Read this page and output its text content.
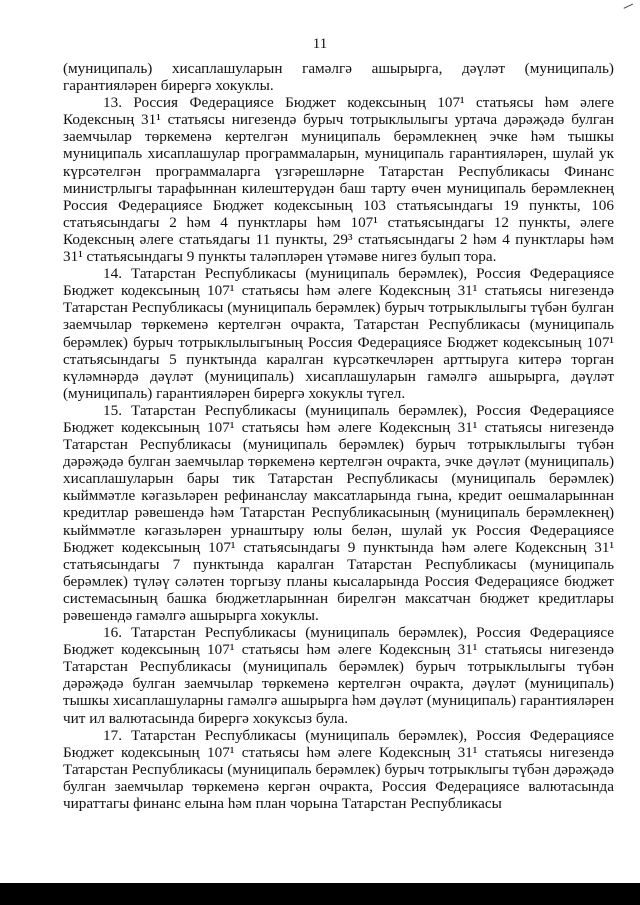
11

(муниципаль) хисаплашуларын гамәлгә ашырырга, дәүләт (муниципаль) гарантияләрен бирергә хокуклы.

13. Россия Федерациясе Бюджет кодексының 107¹ статьясы һәм әлеге Кодексның 31¹ статьясы нигезендә бурыч тотрыклылыгы уртача дәрәҗәдә булган заемчылар төркеменә кертелгән муниципаль берәмлекнең эчке һәм тышкы муниципаль хисаплашулар программаларын, муниципаль гарантияләрен, шулай ук күрсәтелгән программаларга үзгәрешләрне Татарстан Республикасы Финанс министрлыгы тарафыннан килештерүдән баш тарту өчен муниципаль берәмлекнең Россия Федерациясе Бюджет кодексының 103 статьясындагы 19 пункты, 106 статьясындагы 2 һәм 4 пунктлары һәм 107¹ статьясындагы 12 пункты, әлеге Кодексның әлеге статьядагы 11 пункты, 29³ статьясындагы 2 һәм 4 пунктлары һәм 31¹ статьясындагы 9 пункты таләпләрен үтәмәве нигез булып тора.

14. Татарстан Республикасы (муниципаль берәмлек), Россия Федерациясе Бюджет кодексының 107¹ статьясы һәм әлеге Кодексның 31¹ статьясы нигезендә Татарстан Республикасы (муниципаль берәмлек) бурыч тотрыклылыгы түбән булган заемчылар төркеменә кертелгән очракта, Татарстан Республикасы (муниципаль берәмлек) бурыч тотрыклылыгының Россия Федерациясе Бюджет кодексының 107¹ статьясындагы 5 пунктында каралган күрсәткечләрен арттыруга китерә торган күләмнәрдә дәүләт (муниципаль) хисаплашуларын гамәлгә ашырырга, дәүләт (муниципаль) гарантияләрен бирергә хокуклы түгел.

15. Татарстан Республикасы (муниципаль берәмлек), Россия Федерациясе Бюджет кодексының 107¹ статьясы һәм әлеге Кодексның 31¹ статьясы нигезендә Татарстан Республикасы (муниципаль берәмлек) бурыч тотрыклылыгы түбән дәрәҗәдә булган заемчылар төркеменә кертелгән очракта, эчке дәүләт (муниципаль) хисаплашуларын бары тик Татарстан Республикасы (муниципаль берәмлек) кыйммәтле кәгазьләрен рефинанслау максатларында гына, кредит оешмаларыннан кредитлар рәвешендә һәм Татарстан Республикасының (муниципаль берәмлекнең) кыйммәтле кәгазьләрен урнаштыру юлы белән, шулай ук Россия Федерациясе Бюджет кодексының 107¹ статьясындагы 9 пунктында һәм әлеге Кодексның 31¹ статьясындагы 7 пунктында каралган Татарстан Республикасы (муниципаль берәмлек) түләү сәләтен торгызу планы кысаларында Россия Федерациясе бюджет системасының башка бюджетларыннан бирелгән максатчан бюджет кредитлары рәвешендә гамәлгә ашырырга хокуклы.

16. Татарстан Республикасы (муниципаль берәмлек), Россия Федерациясе Бюджет кодексының 107¹ статьясы һәм әлеге Кодексның 31¹ статьясы нигезендә Татарстан Республикасы (муниципаль берәмлек) бурыч тотрыклылыгы түбән дәрәҗәдә булган заемчылар төркеменә кертелгән очракта, дәүләт (муниципаль) тышкы хисаплашуларны гамәлгә ашырырга һәм дәүләт (муниципаль) гарантияләрен чит ил валютасында бирергә хокуксыз була.

17. Татарстан Республикасы (муниципаль берәмлек), Россия Федерациясе Бюджет кодексының 107¹ статьясы һәм әлеге Кодексның 31¹ статьясы нигезендә Татарстан Республикасы (муниципаль берәмлек) бурыч тотрыклыгы түбән дәрәҗәдә булган заемчылар төркеменә кергән очракта, Россия Федерациясе валютасында чираттагы финанс елына һәм план чорына Татарстан Республикасы
